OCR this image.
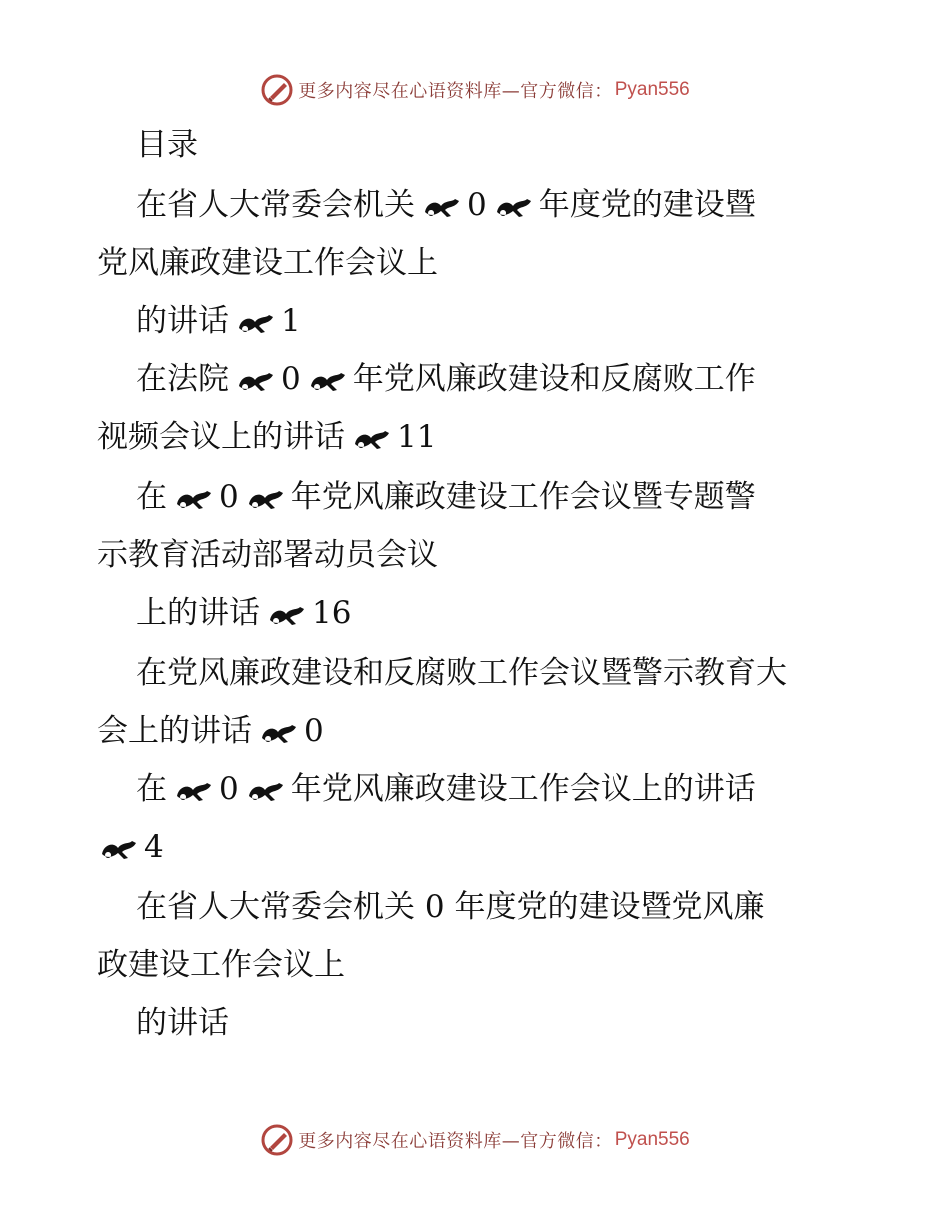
更多内容尽在心语资料库—官方微信： Pyan556
目录
在省人大常委会机关 0 年度党的建设暨
党风廉政建设工作会议上
的讲话 1
在法院 0 年党风廉政建设和反腐败工作
视频会议上的讲话 11
在 0 年党风廉政建设工作会议暨专题警
示教育活动部署动员会议
上的讲话 16
在党风廉政建设和反腐败工作会议暨警示教育大
会上的讲话 0
在 0 年党风廉政建设工作会议上的讲话
4
在省人大常委会机关 0 年度党的建设暨党风廉
政建设工作会议上
的讲话
更多内容尽在心语资料库—官方微信： Pyan556
